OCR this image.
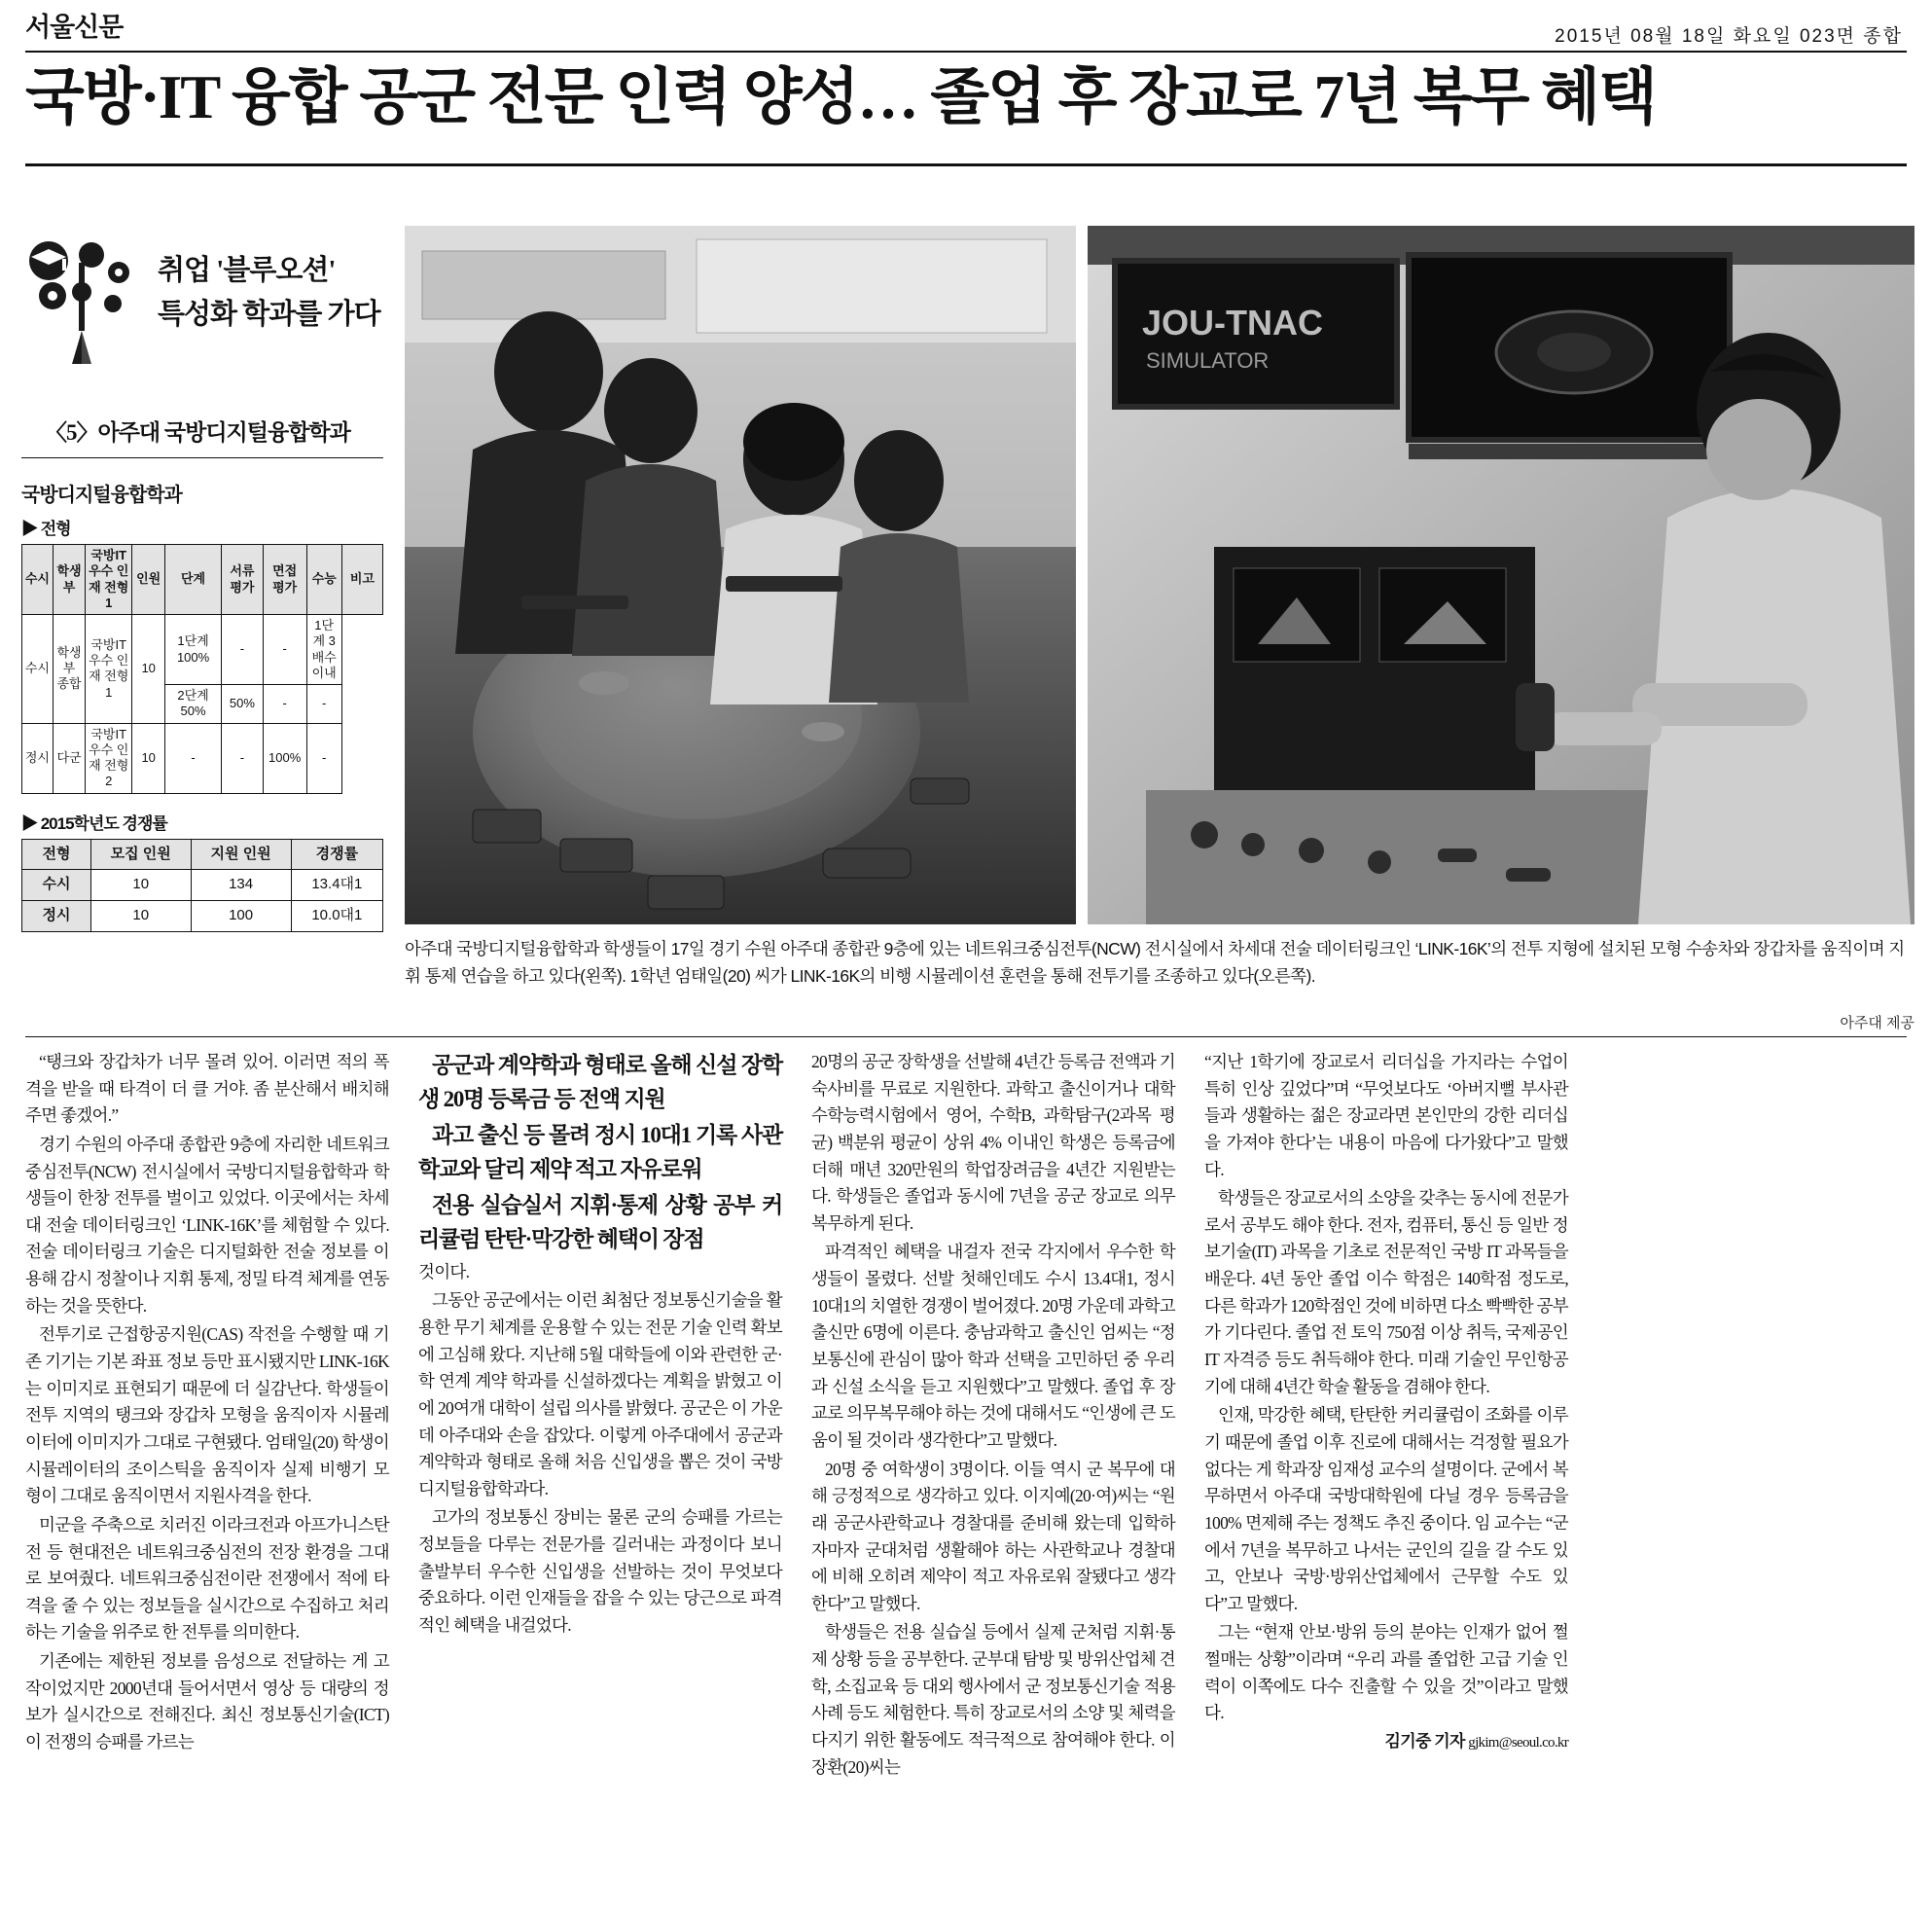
서울신문	2015년 08월 18일 화요일 023면 종합
국방·IT 융합 공군 전문 인력 양성… 졸업 후 장교로 7년 복무 혜택
취업 '블루오션'
특성화 학과를 가다
〈5〉아주대 국방디지털융합학과
국방디지털융합학과
▶ 전형
수시	학생부	국방IT 우수 인재 전형1	인원	단계	서류 평가	면접 평가	수능	비고
수시	학생부 종합	국방IT 우수 인재 전형1	10	1단계 100%	-	-	1단계 3배수 이내	
				2단계 50%	50%	-	-	
정시	다군	국방IT 우수 인재 전형2	10	-	-	100%	-	
▶ 2015학년도 경쟁률
전형	모집 인원	지원 인원	경쟁률
수시	10	134	13.4대1
정시	10	100	10.0대1
JOU-TNAC
SIMULATOR
아주대 국방디지털융합학과 학생들이 17일 경기 수원 아주대 종합관 9층에 있는 네트워크중심전투(NCW) 전시실에서 차세대 전술 데이터링크인 ‘LINK-16K’의 전투 지형에 설치된 모형 수송차와 장갑차를 움직이며 지휘 통제 연습을 하고 있다(왼쪽). 1학년 엄태일(20) 씨가 LINK-16K의 비행 시뮬레이션 훈련을 통해 전투기를 조종하고 있다(오른쪽).
아주대 제공

“탱크와 장갑차가 너무 몰려 있어. 이러면 적의 폭격을 받을 때 타격이 더 클 거야. 좀 분산해서 배치해 주면 좋겠어.”

경기 수원의 아주대 종합관 9층에 자리한 네트워크중심전투(NCW) 전시실에서 국방디지털융합학과 학생들이 한창 전투를 벌이고 있었다. 이곳에서는 차세대 전술 데이터링크인 ‘LINK-16K’를 체험할 수 있다. 전술 데이터링크 기술은 디지털화한 전술 정보를 이용해 감시 정찰이나 지휘 통제, 정밀 타격 체계를 연동하는 것을 뜻한다.

전투기로 근접항공지원(CAS) 작전을 수행할 때 기존 기기는 기본 좌표 정보 등만 표시됐지만 LINK-16K는 이미지로 표현되기 때문에 더 실감난다. 학생들이 전투 지역의 탱크와 장갑차 모형을 움직이자 시뮬레이터에 이미지가 그대로 구현됐다. 엄태일(20) 학생이 시뮬레이터의 조이스틱을 움직이자 실제 비행기 모형이 그대로 움직이면서 지원사격을 한다.

미군을 주축으로 치러진 이라크전과 아프가니스탄전 등 현대전은 네트워크중심전의 전장 환경을 그대로 보여줬다. 네트워크중심전이란 전쟁에서 적에 타격을 줄 수 있는 정보들을 실시간으로 수집하고 처리하는 기술을 위주로 한 전투를 의미한다.

기존에는 제한된 정보를 음성으로 전달하는 게 고작이었지만 2000년대 들어서면서 영상 등 대량의 정보가 실시간으로 전해진다. 최신 정보통신기술(ICT)이 전쟁의 승패를 가르는

공군과 계약학과 형태로 올해 신설 장학생 20명 등록금 등 전액 지원

과고 출신 등 몰려 정시 10대1 기록 사관학교와 달리 제약 적고 자유로워

전용 실습실서 지휘·통제 상황 공부 커리큘럼 탄탄·막강한 혜택이 장점

것이다.

그동안 공군에서는 이런 최첨단 정보통신기술을 활용한 무기 체계를 운용할 수 있는 전문 기술 인력 확보에 고심해 왔다. 지난해 5월 대학들에 이와 관련한 군·학 연계 계약 학과를 신설하겠다는 계획을 밝혔고 이에 20여개 대학이 설립 의사를 밝혔다. 공군은 이 가운데 아주대와 손을 잡았다. 이렇게 아주대에서 공군과 계약학과 형태로 올해 처음 신입생을 뽑은 것이 국방디지털융합학과다.

고가의 정보통신 장비는 물론 군의 승패를 가르는 정보들을 다루는 전문가를 길러내는 과정이다 보니 출발부터 우수한 신입생을 선발하는 것이 무엇보다 중요하다. 이런 인재들을 잡을 수 있는 당근으로 파격적인 혜택을 내걸었다.

20명의 공군 장학생을 선발해 4년간 등록금 전액과 기숙사비를 무료로 지원한다. 과학고 출신이거나 대학수학능력시험에서 영어, 수학B, 과학탐구(2과목 평균) 백분위 평균이 상위 4% 이내인 학생은 등록금에 더해 매년 320만원의 학업장려금을 4년간 지원받는다. 학생들은 졸업과 동시에 7년을 공군 장교로 의무복무하게 된다.

파격적인 혜택을 내걸자 전국 각지에서 우수한 학생들이 몰렸다. 선발 첫해인데도 수시 13.4대1, 정시 10대1의 치열한 경쟁이 벌어졌다. 20명 가운데 과학고 출신만 6명에 이른다. 충남과학고 출신인 엄씨는 “정보통신에 관심이 많아 학과 선택을 고민하던 중 우리 과 신설 소식을 듣고 지원했다”고 말했다. 졸업 후 장교로 의무복무해야 하는 것에 대해서도 “인생에 큰 도움이 될 것이라 생각한다”고 말했다.

20명 중 여학생이 3명이다. 이들 역시 군 복무에 대해 긍정적으로 생각하고 있다. 이지예(20·여)씨는 “원래 공군사관학교나 경찰대를 준비해 왔는데 입학하자마자 군대처럼 생활해야 하는 사관학교나 경찰대에 비해 오히려 제약이 적고 자유로워 잘됐다고 생각한다”고 말했다.

학생들은 전용 실습실 등에서 실제 군처럼 지휘·통제 상황 등을 공부한다. 군부대 탐방 및 방위산업체 견학, 소집교육 등 대외 행사에서 군 정보통신기술 적용 사례 등도 체험한다. 특히 장교로서의 소양 및 체력을 다지기 위한 활동에도 적극적으로 참여해야 한다. 이장환(20)씨는

“지난 1학기에 장교로서 리더십을 가지라는 수업이 특히 인상 깊었다”며 “무엇보다도 ‘아버지뻘 부사관들과 생활하는 젊은 장교라면 본인만의 강한 리더십을 가져야 한다’는 내용이 마음에 다가왔다”고 말했다.

학생들은 장교로서의 소양을 갖추는 동시에 전문가로서 공부도 해야 한다. 전자, 컴퓨터, 통신 등 일반 정보기술(IT) 과목을 기초로 전문적인 국방 IT 과목들을 배운다. 4년 동안 졸업 이수 학점은 140학점 정도로, 다른 학과가 120학점인 것에 비하면 다소 빡빡한 공부가 기다린다. 졸업 전 토익 750점 이상 취득, 국제공인 IT 자격증 등도 취득해야 한다. 미래 기술인 무인항공기에 대해 4년간 학술 활동을 겸해야 한다.

인재, 막강한 혜택, 탄탄한 커리큘럼이 조화를 이루기 때문에 졸업 이후 진로에 대해서는 걱정할 필요가 없다는 게 학과장 임재성 교수의 설명이다. 군에서 복무하면서 아주대 국방대학원에 다닐 경우 등록금을 100% 면제해 주는 정책도 추진 중이다. 임 교수는 “군에서 7년을 복무하고 나서는 군인의 길을 갈 수도 있고, 안보나 국방·방위산업체에서 근무할 수도 있다”고 말했다.

그는 “현재 안보·방위 등의 분야는 인재가 없어 쩔쩔매는 상황”이라며 “우리 과를 졸업한 고급 기술 인력이 이쪽에도 다수 진출할 수 있을 것”이라고 말했다.

김기중 기자 gjkim@seoul.co.kr
